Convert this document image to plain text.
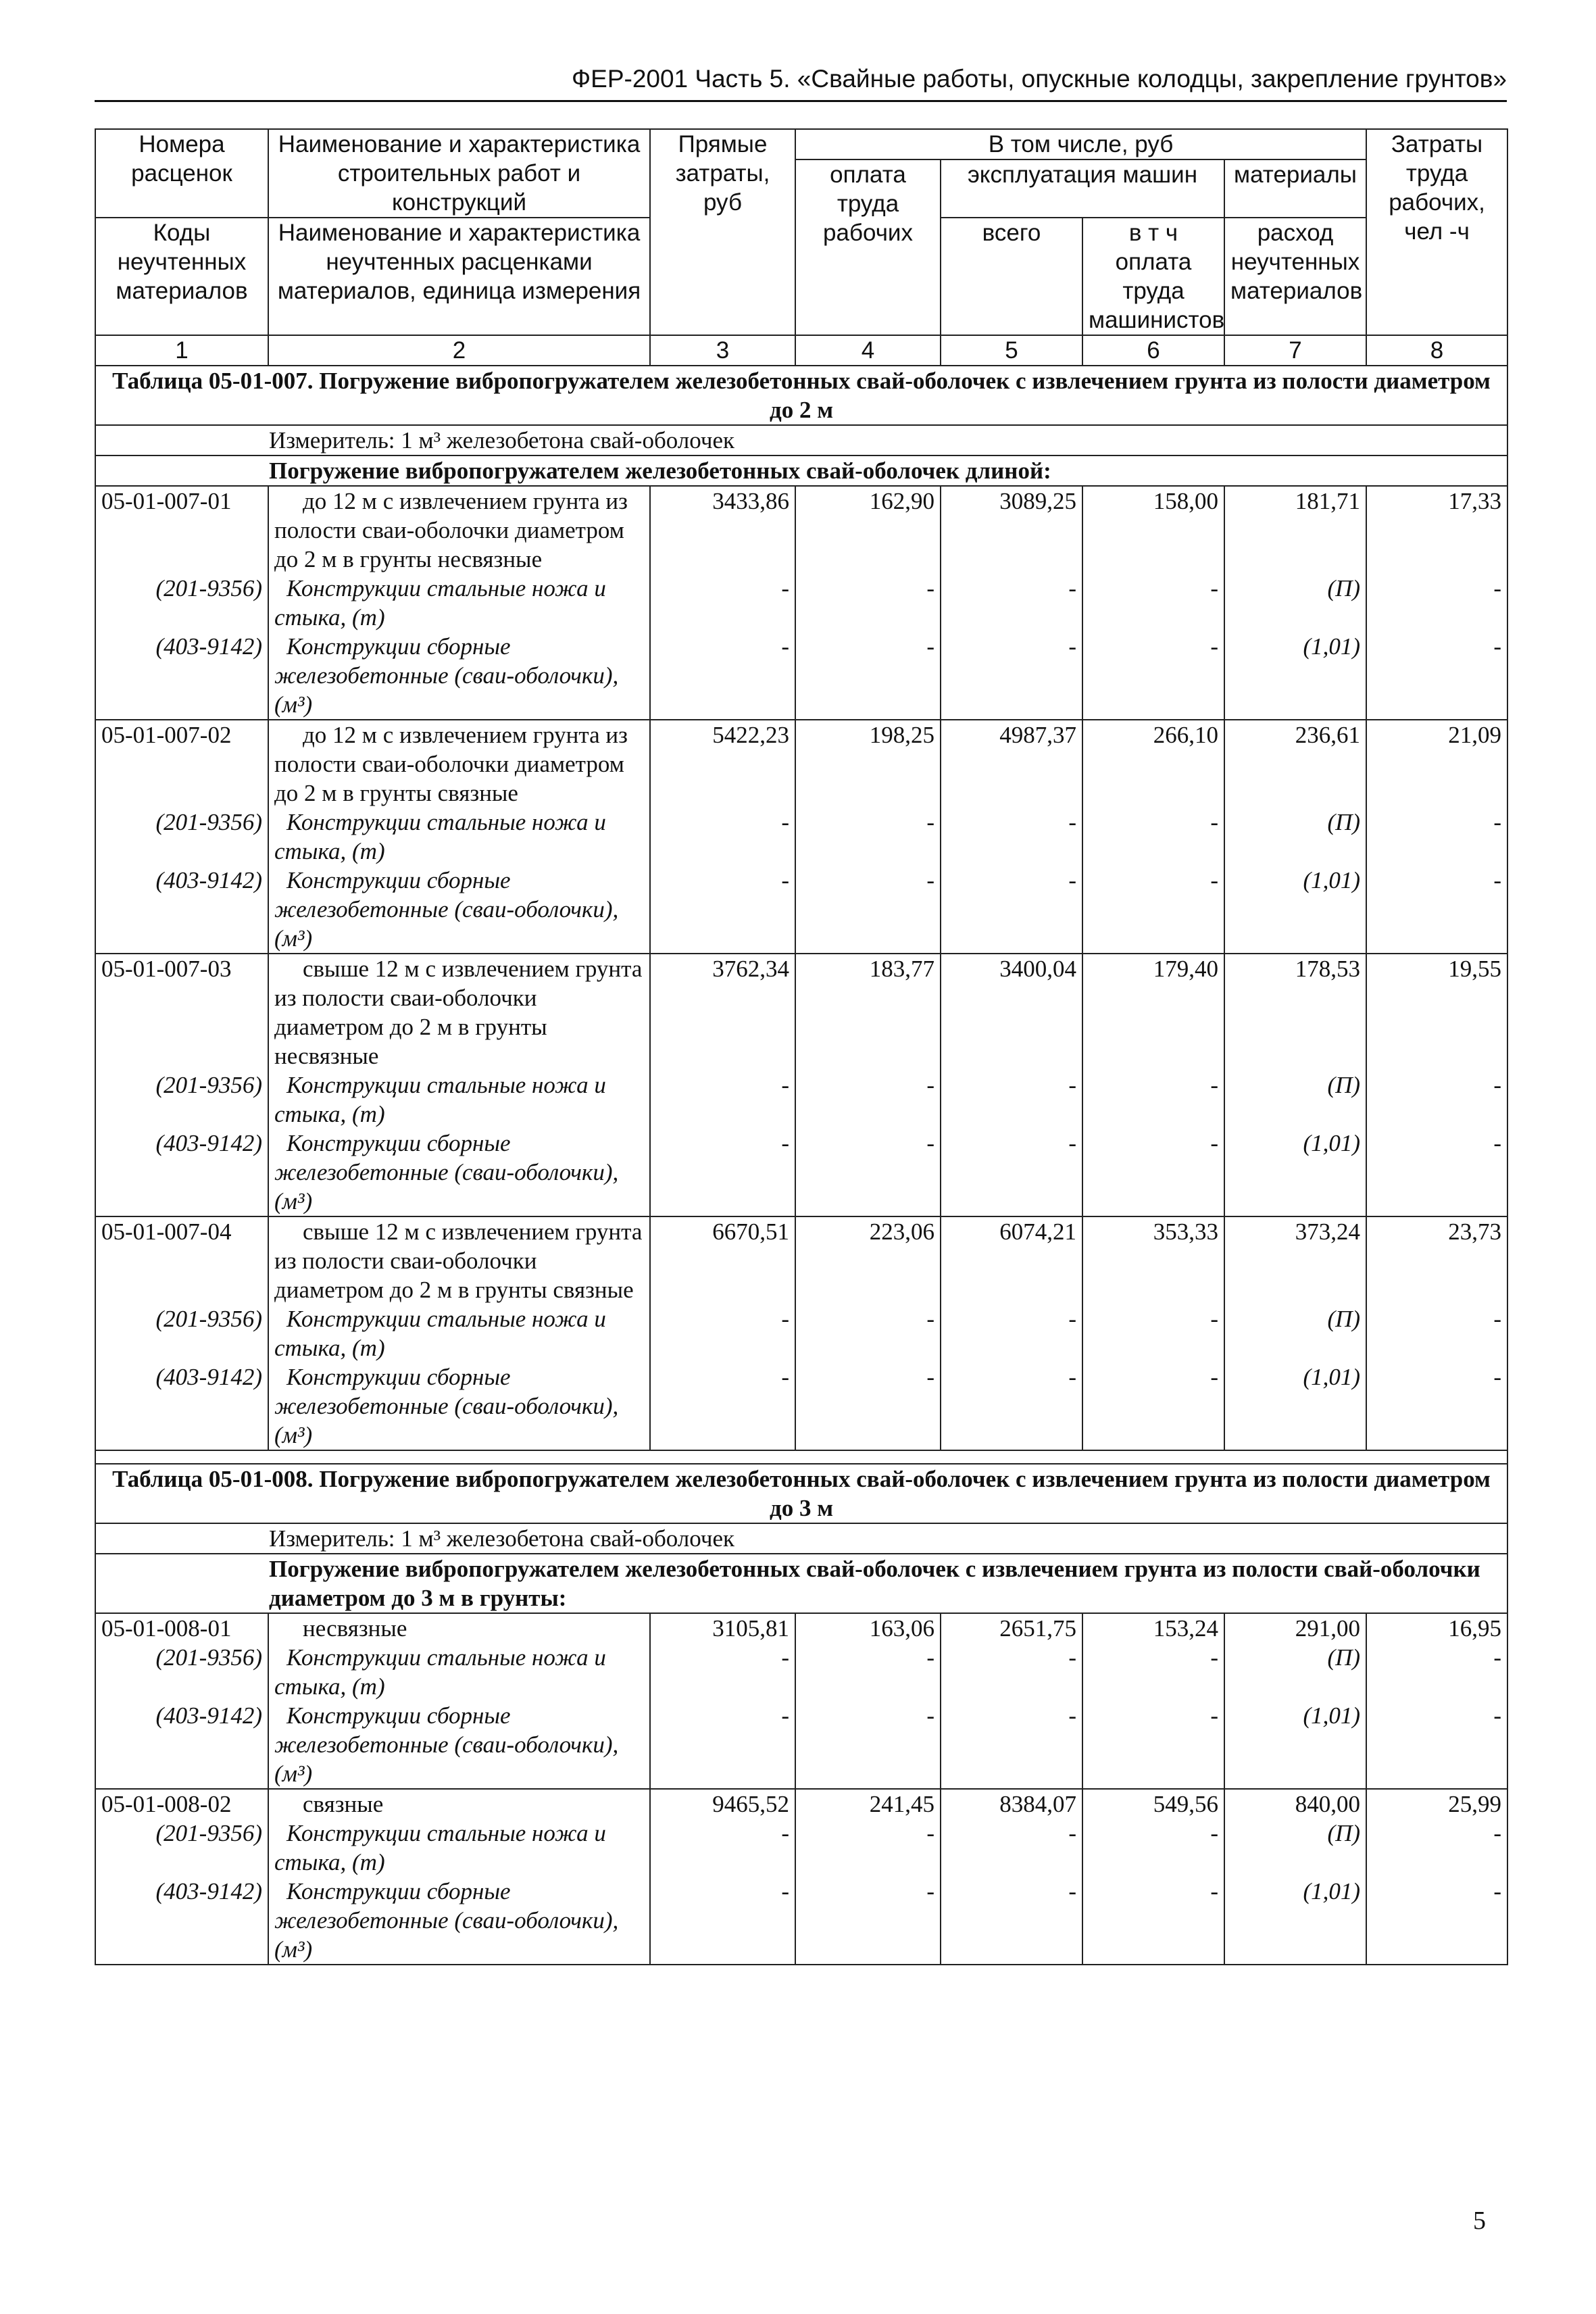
ФЕР-2001 Часть 5. «Свайные работы, опускные колодцы, закрепление грунтов»
Номера расценок	Наименование и характеристика строительных работ и конструкций	Прямые затраты, руб	В том числе, руб				Затраты труда рабочих, чел -ч
			оплата труда рабочих	эксплуатация машин		материалы	
Коды неучтенных материалов	Наименование и характеристика неучтенных расценками материалов, единица измерения			всего	в т ч оплата труда машинистов	расход неучтенных материалов	

1	2	3	4	5	6	7	8
Таблица 05-01-007. Погружение вибропогружателем железобетонных свай-оболочек с извлечением грунта из полости диаметром до 2 м							
Измеритель: 1 м³ железобетона свай-оболочек							
Погружение вибропогружателем железобетонных свай-оболочек длиной:							
05-01-007-01	до 12 м с извлечением грунта из полости сваи-оболочки диаметром до 2 м в грунты несвязные	3433,86	162,90	3089,25	158,00	181,71	17,33
(201-9356)	Конструкции стальные ножа и стыка, (т)	-	-	-	-	(П)	-
(403-9142)	Конструкции сборные железобетонные (сваи-оболочки), (м³)	-	-	-	-	(1,01)	-
05-01-007-02	до 12 м с извлечением грунта из полости сваи-оболочки диаметром до 2 м в грунты связные	5422,23	198,25	4987,37	266,10	236,61	21,09
(201-9356)	Конструкции стальные ножа и стыка, (т)	-	-	-	-	(П)	-
(403-9142)	Конструкции сборные железобетонные (сваи-оболочки), (м³)	-	-	-	-	(1,01)	-
05-01-007-03	свыше 12 м с извлечением грунта из полости сваи-оболочки диаметром до 2 м в грунты несвязные	3762,34	183,77	3400,04	179,40	178,53	19,55
(201-9356)	Конструкции стальные ножа и стыка, (т)	-	-	-	-	(П)	-
(403-9142)	Конструкции сборные железобетонные (сваи-оболочки), (м³)	-	-	-	-	(1,01)	-
05-01-007-04	свыше 12 м с извлечением грунта из полости сваи-оболочки диаметром до 2 м в грунты связные	6670,51	223,06	6074,21	353,33	373,24	23,73
(201-9356)	Конструкции стальные ножа и стыка, (т)	-	-	-	-	(П)	-
(403-9142)	Конструкции сборные железобетонные (сваи-оболочки), (м³)	-	-	-	-	(1,01)	-

Таблица 05-01-008. Погружение вибропогружателем железобетонных свай-оболочек с извлечением грунта из полости диаметром до 3 м							
Измеритель: 1 м³ железобетона свай-оболочек							
Погружение вибропогружателем железобетонных свай-оболочек с извлечением грунта из полости свай-оболочки диаметром до 3 м в грунты:							
05-01-008-01	несвязные	3105,81	163,06	2651,75	153,24	291,00	16,95
(201-9356)	Конструкции стальные ножа и стыка, (т)	-	-	-	-	(П)	-
(403-9142)	Конструкции сборные железобетонные (сваи-оболочки), (м³)	-	-	-	-	(1,01)	-
05-01-008-02	связные	9465,52	241,45	8384,07	549,56	840,00	25,99
(201-9356)	Конструкции стальные ножа и стыка, (т)	-	-	-	-	(П)	-
(403-9142)	Конструкции сборные железобетонные (сваи-оболочки), (м³)	-	-	-	-	(1,01)	-
5
